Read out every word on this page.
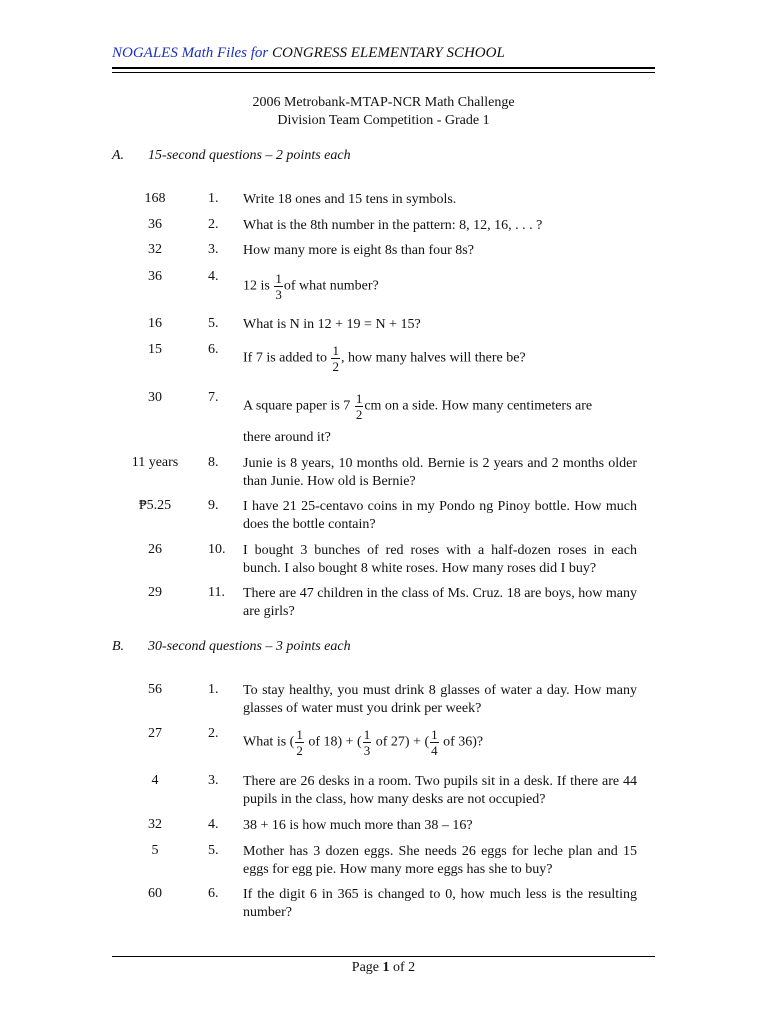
NOGALES Math Files for CONGRESS ELEMENTARY SCHOOL
2006 Metrobank-MTAP-NCR Math Challenge
Division Team Competition - Grade 1
A. 15-second questions – 2 points each
168	1. Write 18 ones and 15 tens in symbols.
36	2. What is the 8th number in the pattern: 8, 12, 16, . . . ?
32	3. How many more is eight 8s than four 8s?
36	4.
12 is $\frac{1}{3}$ of what number?
16	5. What is N in 12 + 19 = N + 15?
15	6.
If 7 is added to $\frac{1}{2}$ , how many halves will there be?
30	7.
A square paper is $7 \frac{1}{2}$ cm on a side. How many centimeters are
there around it?
11 years	8. Junie is 8 years, 10 months old. Bernie is 2 years and 2 months older than Junie. How old is Bernie?
₱5.25	9. I have 21 25-centavo coins in my Pondo ng Pinoy bottle. How much does the bottle contain?
26	10. I bought 3 bunches of red roses with a half-dozen roses in each bunch. I also bought 8 white roses. How many roses did I buy?
29	11. There are 47 children in the class of Ms. Cruz. 18 are boys, how many are girls?
B. 30-second questions – 3 points each
56	1. To stay healthy, you must drink 8 glasses of water a day. How many glasses of water must you drink per week?
27	2.
What is ( $\frac{1}{2}$ of 18) + ( $\frac{1}{3}$ of 27) + ( $\frac{1}{4}$ of 36)?
4	3. There are 26 desks in a room. Two pupils sit in a desk. If there are 44 pupils in the class, how many desks are not occupied?
32	4. 38 + 16 is how much more than 38 – 16?
5	5. Mother has 3 dozen eggs. She needs 26 eggs for leche plan and 15 eggs for egg pie. How many more eggs has she to buy?
60	6. If the digit 6 in 365 is changed to 0, how much less is the resulting number?
Page 1 of 2
